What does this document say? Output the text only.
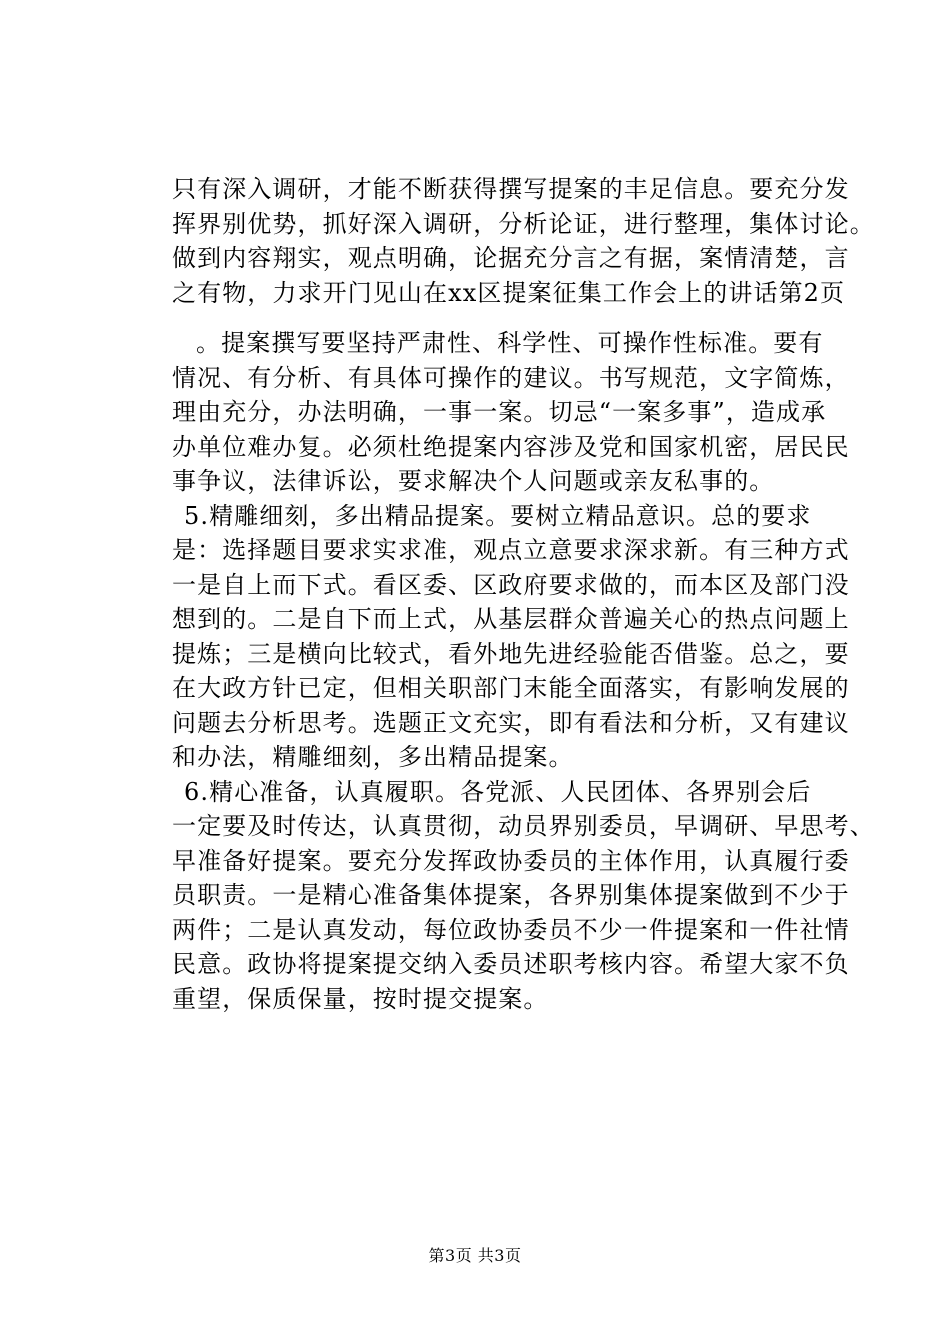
只有深入调研，才能不断获得撰写提案的丰足信息。要充分发
挥界别优势，抓好深入调研，分析论证，进行整理，集体讨论。
做到内容翔实，观点明确，论据充分言之有据，案情清楚，言
之有物，力求开门见山在xx区提案征集工作会上的讲话第2页
。提案撰写要坚持严肃性、科学性、可操作性标准。要有
情况、有分析、有具体可操作的建议。书写规范，文字简炼，
理由充分，办法明确，一事一案。切忌“一案多事”，造成承
办单位难办复。必须杜绝提案内容涉及党和国家机密，居民民
事争议，法律诉讼，要求解决个人问题或亲友私事的。
5.精雕细刻，多出精品提案。要树立精品意识。总的要求
是：选择题目要求实求准，观点立意要求深求新。有三种方式
一是自上而下式。看区委、区政府要求做的，而本区及部门没
想到的。二是自下而上式，从基层群众普遍关心的热点问题上
提炼；三是横向比较式，看外地先进经验能否借鉴。总之，要
在大政方针已定，但相关职部门末能全面落实，有影响发展的
问题去分析思考。选题正文充实，即有看法和分析，又有建议
和办法，精雕细刻，多出精品提案。
6.精心准备，认真履职。各党派、人民团体、各界别会后
一定要及时传达，认真贯彻，动员界别委员，早调研、早思考、
早准备好提案。要充分发挥政协委员的主体作用，认真履行委
员职责。一是精心准备集体提案，各界别集体提案做到不少于
两件；二是认真发动，每位政协委员不少一件提案和一件社情
民意。政协将提案提交纳入委员述职考核内容。希望大家不负
重望，保质保量，按时提交提案。
第3页 共3页
